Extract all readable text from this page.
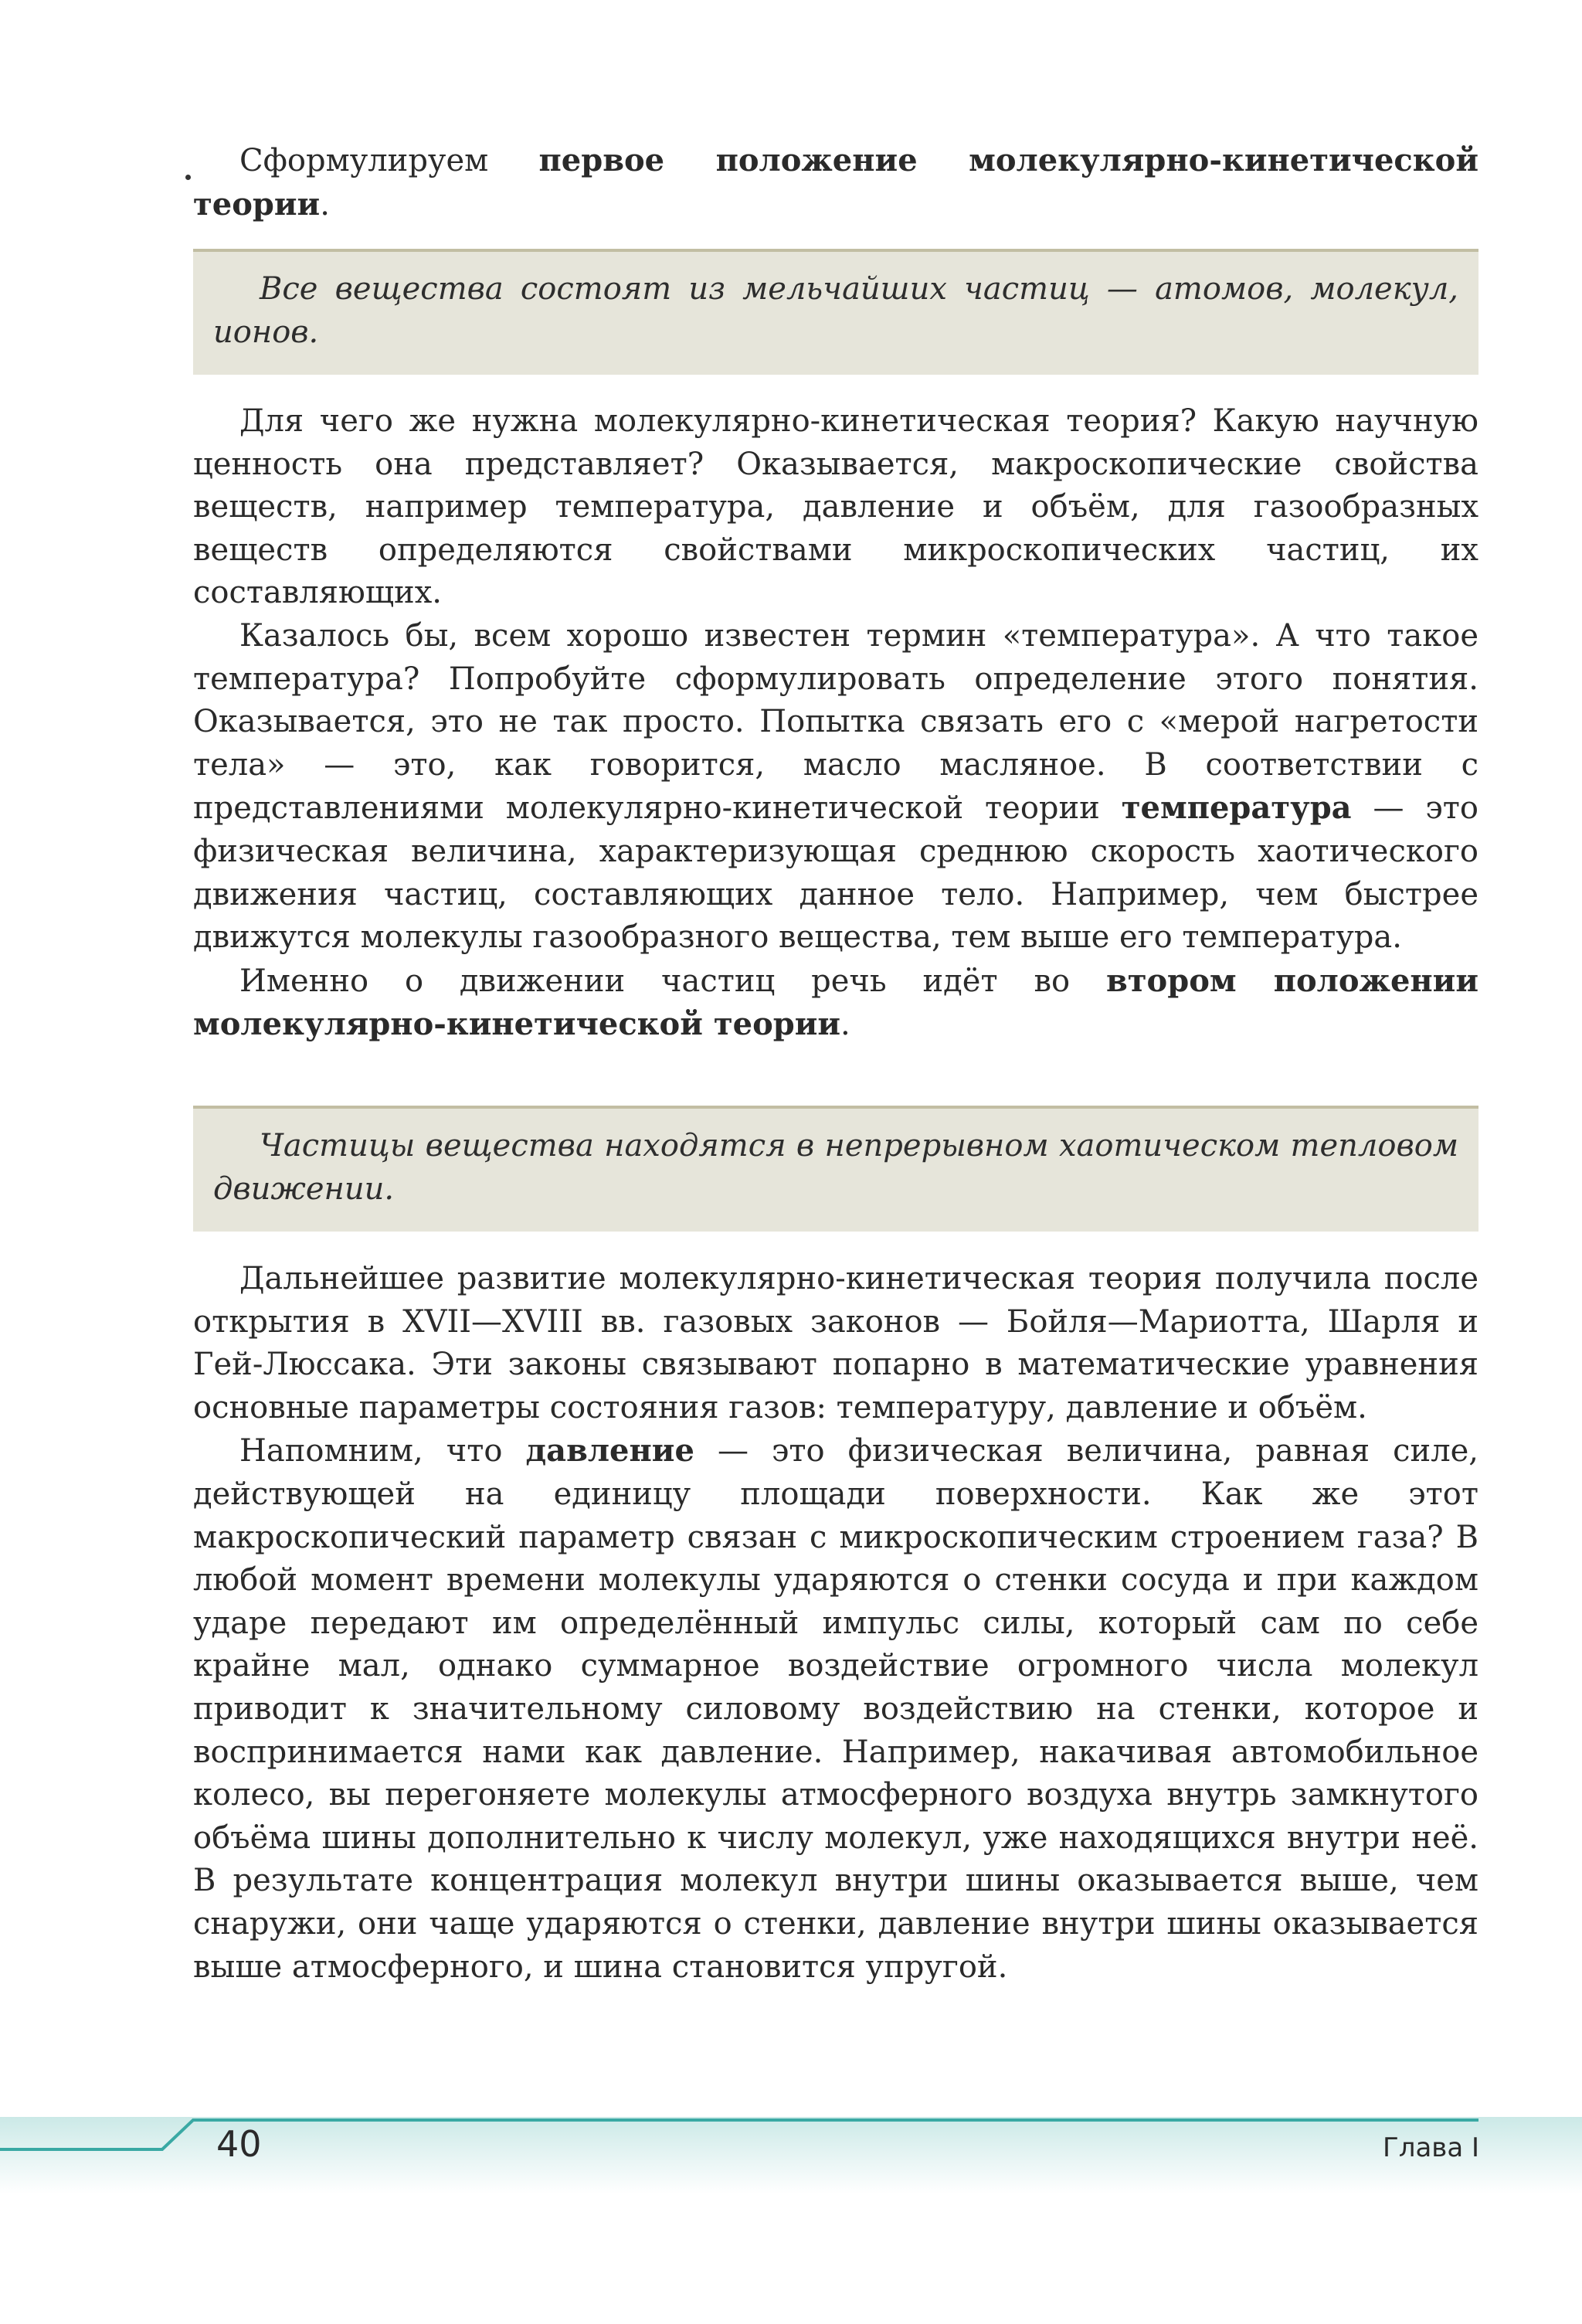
Сформулируем первое положение молекулярно-кинетической теории.

Все вещества состоят из мельчайших частиц — атомов, молекул, ионов.

Для чего же нужна молекулярно-кинетическая теория? Какую научную ценность она представляет? Оказывается, макроскопические свойства веществ, например температура, давление и объём, для газообразных веществ определяются свойствами микроскопических частиц, их составляющих.

Казалось бы, всем хорошо известен термин «температура». А что такое температура? Попробуйте сформулировать определение этого понятия. Оказывается, это не так просто. Попытка связать его с «мерой нагретости тела» — это, как говорится, масло масляное. В соответствии с представлениями молекулярно-кинетической теории температура — это физическая величина, характеризующая среднюю скорость хаотического движения частиц, составляющих данное тело. Например, чем быстрее движутся молекулы газообразного вещества, тем выше его температура.

Именно о движении частиц речь идёт во втором положении молекулярно-кинетической теории.

Частицы вещества находятся в непрерывном хаотическом тепловом движении.

Дальнейшее развитие молекулярно-кинетическая теория получила после открытия в XVII—XVIII вв. газовых законов — Бойля—Мариотта, Шарля и Гей-Люссака. Эти законы связывают попарно в математические уравнения основные параметры состояния газов: температуру, давление и объём.

Напомним, что давление — это физическая величина, равная силе, действующей на единицу площади поверхности. Как же этот макроскопический параметр связан с микроскопическим строением газа? В любой момент времени молекулы ударяются о стенки сосуда и при каждом ударе передают им определённый импульс силы, который сам по себе крайне мал, однако суммарное воздействие огромного числа молекул приводит к значительному силовому воздействию на стенки, которое и воспринимается нами как давление. Например, накачивая автомобильное колесо, вы перегоняете молекулы атмосферного воздуха внутрь замкнутого объёма шины дополнительно к числу молекул, уже находящихся внутри неё. В результате концентрация молекул внутри шины оказывается выше, чем снаружи, они чаще ударяются о стенки, давление внутри шины оказывается выше атмосферного, и шина становится упругой.

40	Глава I
